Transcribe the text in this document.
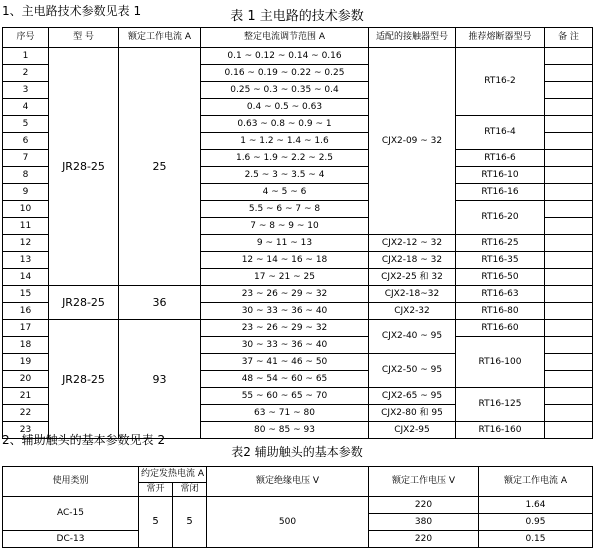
1、主电路技术参数见表 1	表 1 主电路的技术参数
序号	型 号	额定工作电流 A	整定电流调节范围 A	适配的接触器型号	推荐熔断器型号	备 注
1	JR28-25	25	0.1 ~ 0.12 ~ 0.14 ~ 0.16	CJX2-09 ~ 32	RT16-2	
2			0.16 ~ 0.19 ~ 0.22 ~ 0.25			
3			0.25 ~ 0.3 ~ 0.35 ~ 0.4			
4			0.4 ~ 0.5 ~ 0.63			
5			0.63 ~ 0.8 ~ 0.9 ~ 1		RT16-4	
6			1 ~ 1.2 ~ 1.4 ~ 1.6			
7			1.6 ~ 1.9 ~ 2.2 ~ 2.5		RT16-6	
8			2.5 ~ 3 ~ 3.5 ~ 4		RT16-10	
9			4 ~ 5 ~ 6		RT16-16	
10			5.5 ~ 6 ~ 7 ~ 8		RT16-20	
11			7 ~ 8 ~ 9 ~ 10			
12			9 ~ 11 ~ 13	CJX2-12 ~ 32	RT16-25	
13			12 ~ 14 ~ 16 ~ 18	CJX2-18 ~ 32	RT16-35	
14			17 ~ 21 ~ 25	CJX2-25 和 32	RT16-50	
15	JR28-25	36	23 ~ 26 ~ 29 ~ 32	CJX2-18~32	RT16-63	
16			30 ~ 33 ~ 36 ~ 40	CJX2-32	RT16-80	
17	JR28-25	93	23 ~ 26 ~ 29 ~ 32	CJX2-40 ~ 95	RT16-60	
18			30 ~ 33 ~ 36 ~ 40		RT16-100	
19			37 ~ 41 ~ 46 ~ 50	CJX2-50 ~ 95		
20			48 ~ 54 ~ 60 ~ 65			
21			55 ~ 60 ~ 65 ~ 70	CJX2-65 ~ 95	RT16-125	
22			63 ~ 71 ~ 80	CJX2-80 和 95		
23			80 ~ 85 ~ 93	CJX2-95	RT16-160	
2、辅助触头的基本参数见表 2
表2 辅助触头的基本参数
使用类别	约定发热电流 A		额定绝缘电压 V	额定工作电压 V	额定工作电流 A
	常开	常闭			
AC-15	5	5	500	220	1.64
				380	0.95
DC-13				220	0.15
